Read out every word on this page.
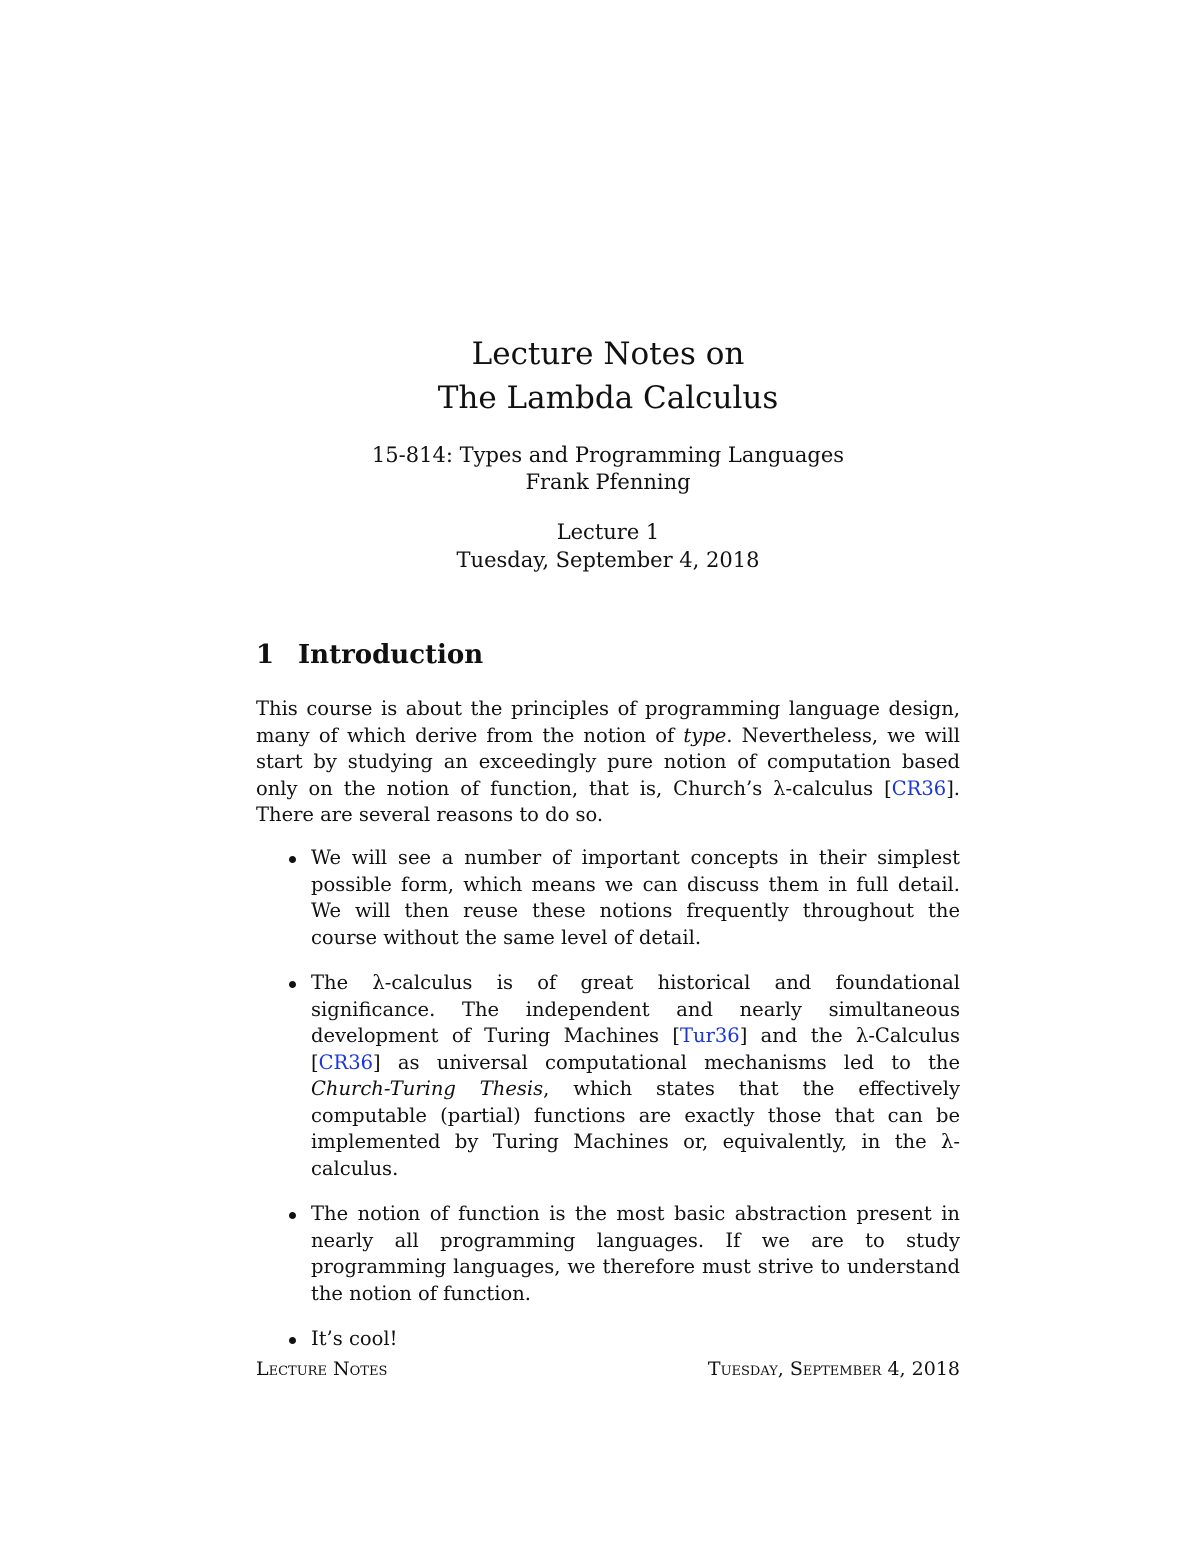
Lecture Notes on
The Lambda Calculus
15-814: Types and Programming Languages
Frank Pfenning
Lecture 1
Tuesday, September 4, 2018
1 Introduction

This course is about the principles of programming language design, many of which derive from the notion of type. Nevertheless, we will start by studying an exceedingly pure notion of computation based only on the notion of function, that is, Church’s λ-calculus [CR36]. There are several reasons to do so.

We will see a number of important concepts in their simplest possible form, which means we can discuss them in full detail. We will then reuse these notions frequently throughout the course without the same level of detail.
The λ-calculus is of great historical and foundational significance. The independent and nearly simultaneous development of Turing Machines [Tur36] and the λ-Calculus [CR36] as universal computational mechanisms led to the Church-Turing Thesis, which states that the effectively computable (partial) functions are exactly those that can be implemented by Turing Machines or, equivalently, in the λ-calculus.
The notion of function is the most basic abstraction present in nearly all programming languages. If we are to study programming languages, we therefore must strive to understand the notion of function.
It’s cool!
Lecture Notes	Tuesday, September 4, 2018
